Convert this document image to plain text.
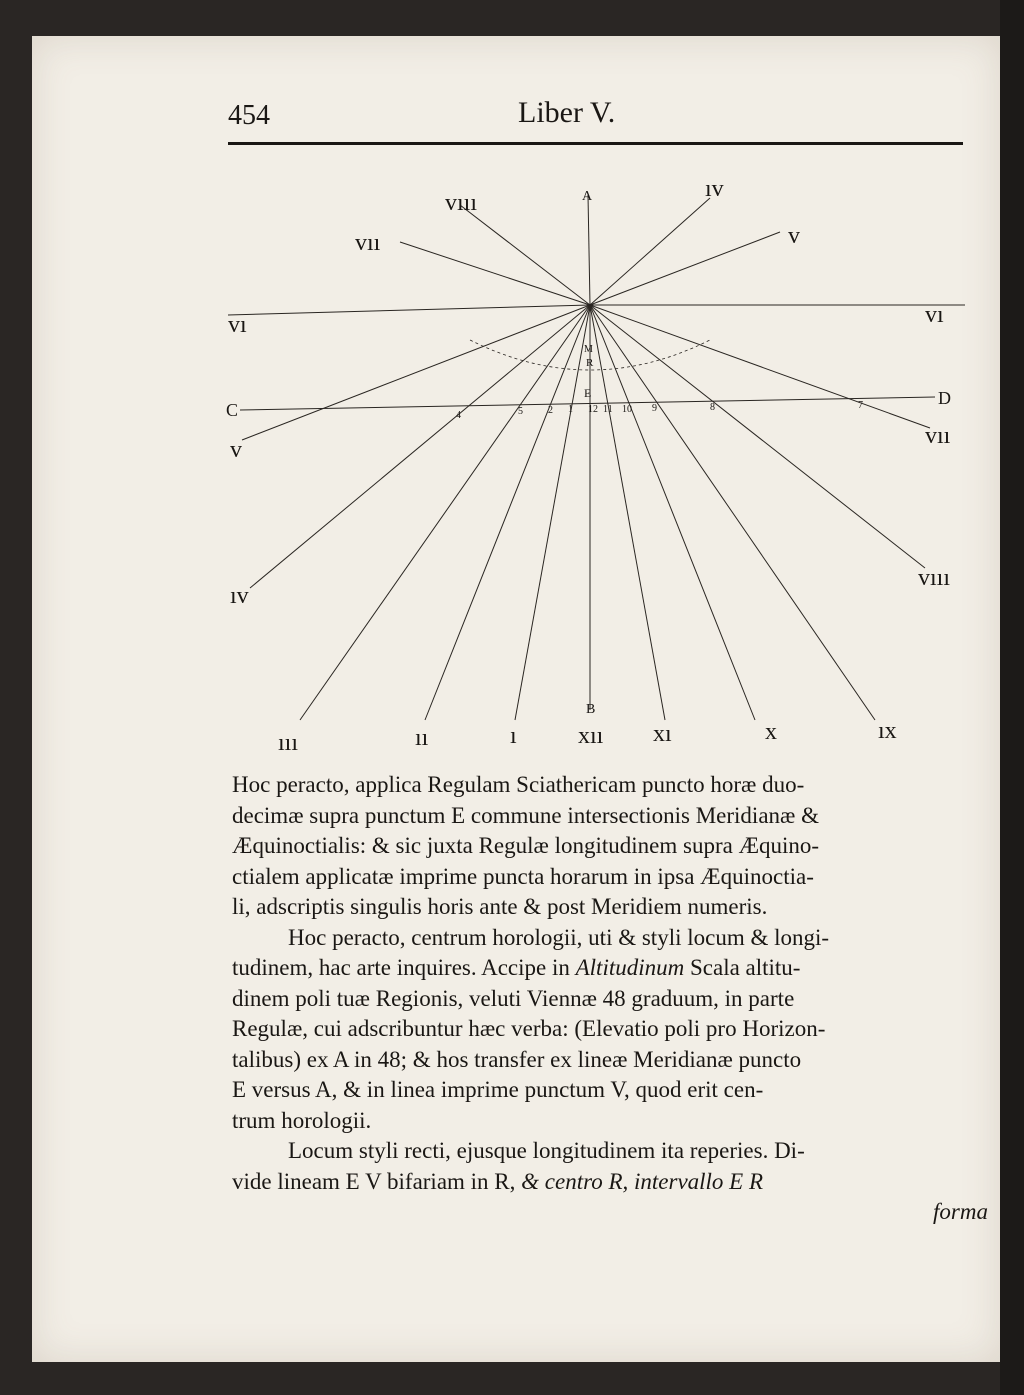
454	Liber V.
vııı
ıv
vıı	v
vı	vı
C
D
v
vıı
ıv
vııı
ııı	ıı	ı	xıı xı	x	ıx
A
B
E
R
M
4	5	2 1 12 11 10 9	8	7

Hoc peracto, applica Regulam Sciathericam puncto horæ duo-
decimæ supra punctum E commune intersectionis Meridianæ &
Æquinoctialis: & sic juxta Regulæ longitudinem supra Æquino-
ctialem applicatæ imprime puncta horarum in ipsa Æquinoctia-
li, adscriptis singulis horis ante & post Meridiem numeris.

Hoc peracto, centrum horologii, uti & styli locum & longi-
tudinem, hac arte inquires. Accipe in Altitudinum Scala altitu-
dinem poli tuæ Regionis, veluti Viennæ 48 graduum, in parte
Regulæ, cui adscribuntur hæc verba: (Elevatio poli pro Horizon-
talibus) ex A in 48; & hos transfer ex lineæ Meridianæ puncto
E versus A, & in linea imprime punctum V, quod erit cen-
trum horologii.

Locum styli recti, ejusque longitudinem ita reperies. Di-
vide lineam E V bifariam in R, & centro R, intervallo E R
forma
